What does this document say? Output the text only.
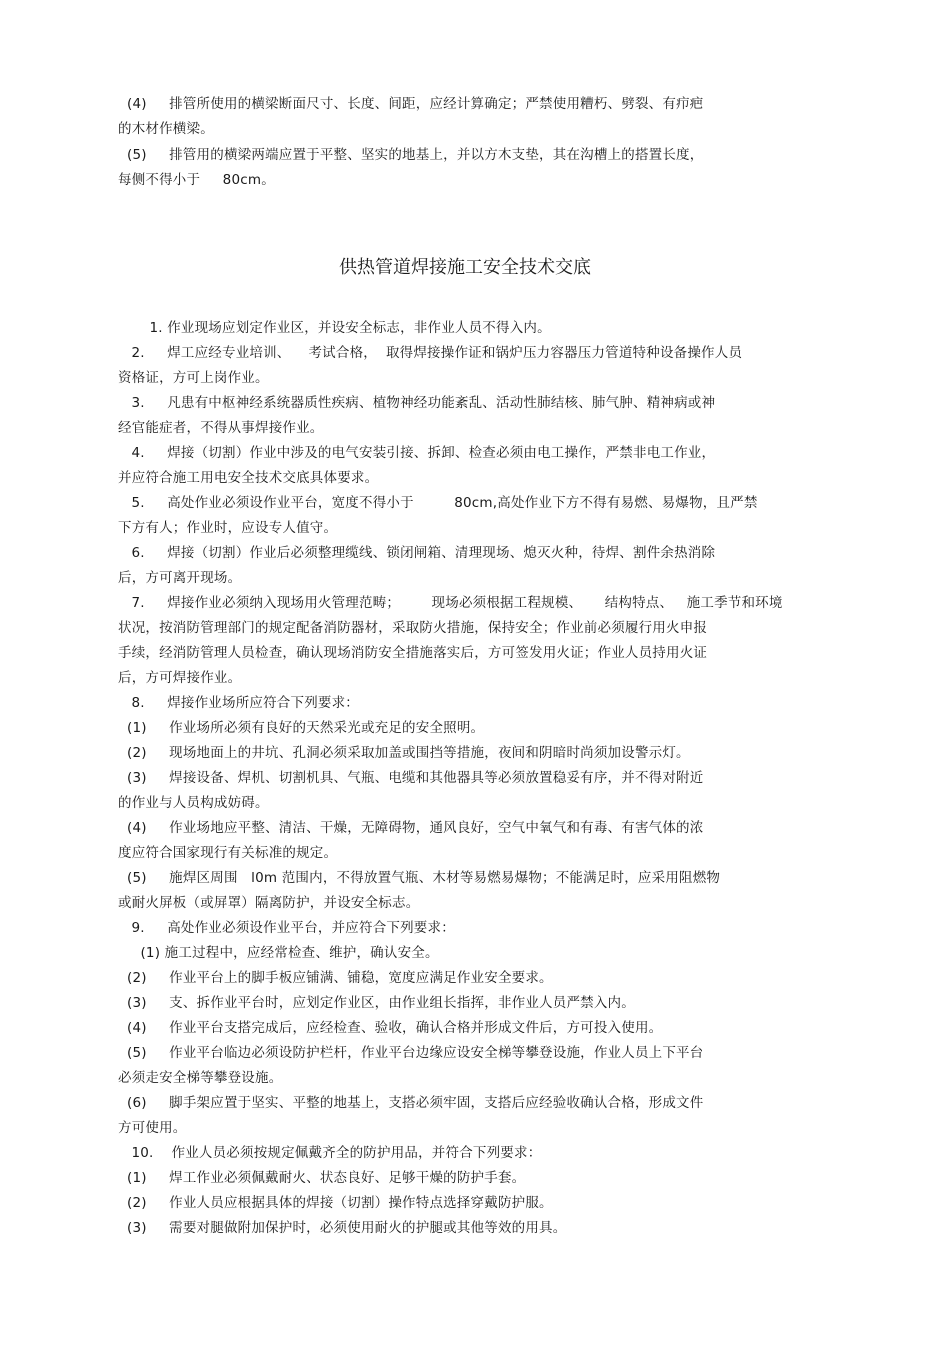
(4)     排管所使用的横梁断面尺寸、长度、间距，应经计算确定；严禁使用糟朽、劈裂、有疖疤
的木材作横梁。
(5)     排管用的横梁两端应置于平整、坚实的地基上，并以方木支垫，其在沟槽上的搭置长度，
每侧不得小于     80cm。
供热管道焊接施工安全技术交底
1. 作业现场应划定作业区，并设安全标志，非作业人员不得入内。
2.     焊工应经专业培训、    考试合格，  取得焊接操作证和锅炉压力容器压力管道特种设备操作人员
资格证，方可上岗作业。
3.     凡患有中枢神经系统器质性疾病、植物神经功能紊乱、活动性肺结核、肺气肿、精神病或神
经官能症者，不得从事焊接作业。
4.     焊接（切割）作业中涉及的电气安装引接、拆卸、检查必须由电工操作，严禁非电工作业，
并应符合施工用电安全技术交底具体要求。
5.     高处作业必须设作业平台，宽度不得小于         80cm,高处作业下方不得有易燃、易爆物，且严禁
下方有人；作业时，应设专人值守。
6.     焊接（切割）作业后必须整理缆线、锁闭闸箱、清理现场、熄灭火种，待焊、割件余热消除
后，方可离开现场。
7.     焊接作业必须纳入现场用火管理范畴；       现场必须根据工程规模、     结构特点、   施工季节和环境
状况，按消防管理部门的规定配备消防器材，采取防火措施，保持安全；作业前必须履行用火申报
手续，经消防管理人员检查，确认现场消防安全措施落实后，方可签发用火证；作业人员持用火证
后，方可焊接作业。
8.     焊接作业场所应符合下列要求：
(1)     作业场所必须有良好的天然采光或充足的安全照明。
(2)     现场地面上的井坑、孔洞必须采取加盖或围挡等措施，夜间和阴暗时尚须加设警示灯。
(3)     焊接设备、焊机、切割机具、气瓶、电缆和其他器具等必须放置稳妥有序，并不得对附近
的作业与人员构成妨碍。
(4)     作业场地应平整、清洁、干燥，无障碍物，通风良好，空气中氧气和有毒、有害气体的浓
度应符合国家现行有关标准的规定。
(5)     施焊区周围   l0m 范围内，不得放置气瓶、木材等易燃易爆物；不能满足时，应采用阻燃物
或耐火屏板（或屏罩）隔离防护，并设安全标志。
9.     高处作业必须设作业平台，并应符合下列要求：
(1) 施工过程中，应经常检查、维护，确认安全。
(2)     作业平台上的脚手板应铺满、铺稳，宽度应满足作业安全要求。
(3)     支、拆作业平台时，应划定作业区，由作业组长指挥，非作业人员严禁入内。
(4)     作业平台支搭完成后，应经检查、验收，确认合格并形成文件后，方可投入使用。
(5)     作业平台临边必须设防护栏杆，作业平台边缘应设安全梯等攀登设施，作业人员上下平台
必须走安全梯等攀登设施。
(6)     脚手架应置于坚实、平整的地基上，支搭必须牢固，支搭后应经验收确认合格，形成文件
方可使用。
10.    作业人员必须按规定佩戴齐全的防护用品，并符合下列要求：
(1)     焊工作业必须佩戴耐火、状态良好、足够干燥的防护手套。
(2)     作业人员应根据具体的焊接（切割）操作特点选择穿戴防护服。
(3)     需要对腿做附加保护时，必须使用耐火的护腿或其他等效的用具。
